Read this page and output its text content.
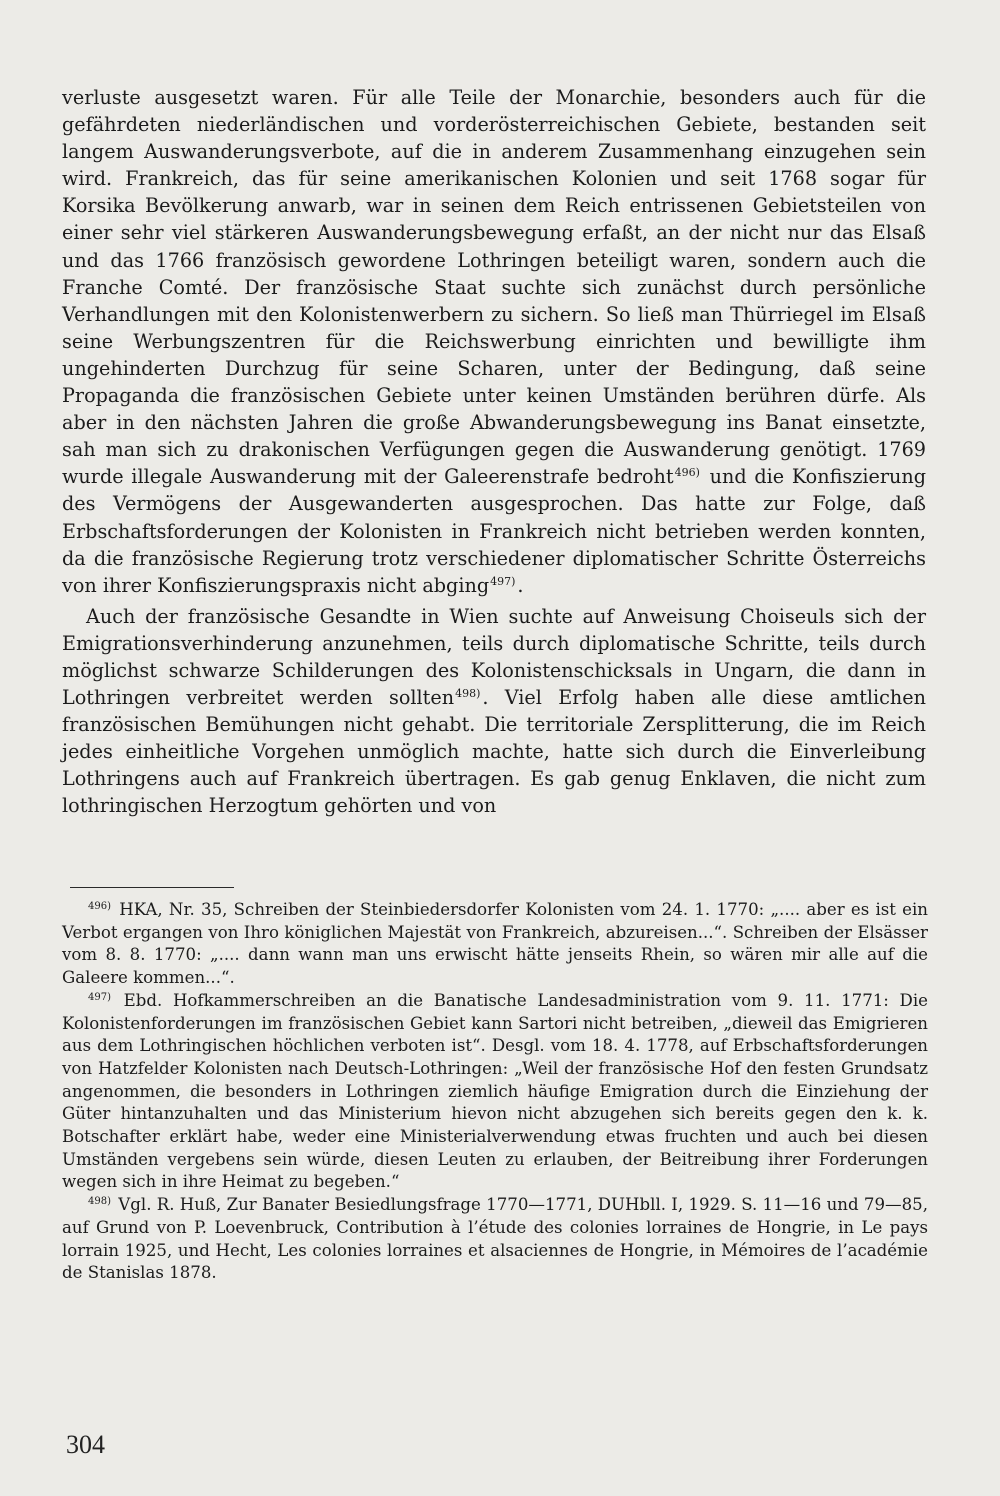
verluste ausgesetzt waren. Für alle Teile der Monarchie, besonders auch für die gefährdeten niederländischen und vorderösterreichischen Gebiete, bestanden seit langem Auswanderungsverbote, auf die in anderem Zusammenhang einzugehen sein wird. Frankreich, das für seine amerikanischen Kolonien und seit 1768 sogar für Korsika Bevölkerung anwarb, war in seinen dem Reich entrissenen Gebietsteilen von einer sehr viel stärkeren Auswanderungsbewegung erfaßt, an der nicht nur das Elsaß und das 1766 französisch gewordene Lothringen beteiligt waren, sondern auch die Franche Comté. Der französische Staat suchte sich zunächst durch persönliche Verhandlungen mit den Kolonistenwerbern zu sichern. So ließ man Thürriegel im Elsaß seine Werbungszentren für die Reichswerbung einrichten und bewilligte ihm ungehinderten Durchzug für seine Scharen, unter der Bedingung, daß seine Propaganda die französischen Gebiete unter keinen Umständen berühren dürfe. Als aber in den nächsten Jahren die große Abwanderungsbewegung ins Banat einsetzte, sah man sich zu drakonischen Verfügungen gegen die Auswanderung genötigt. 1769 wurde illegale Auswanderung mit der Galeerenstrafe bedroht$^{496)}$ und die Konfiszierung des Vermögens der Ausgewanderten ausgesprochen. Das hatte zur Folge, daß Erbschaftsforderungen der Kolonisten in Frankreich nicht betrieben werden konnten, da die französische Regierung trotz verschiedener diplomatischer Schritte Österreichs von ihrer Konfiszierungspraxis nicht abging$^{497)}$ .

Auch der französische Gesandte in Wien suchte auf Anweisung Choiseuls sich der Emigrationsverhinderung anzunehmen, teils durch diplomatische Schritte, teils durch möglichst schwarze Schilderungen des Kolonistenschicksals in Ungarn, die dann in Lothringen verbreitet werden sollten$^{498)}$ . Viel Erfolg haben alle diese amtlichen französischen Bemühungen nicht gehabt. Die territoriale Zersplitterung, die im Reich jedes einheitliche Vorgehen unmöglich machte, hatte sich durch die Einverleibung Lothringens auch auf Frankreich übertragen. Es gab genug Enklaven, die nicht zum lothringischen Herzogtum gehörten und von

$^{496)}$ HKA, Nr. 35, Schreiben der Steinbiedersdorfer Kolonisten vom 24. 1. 1770: „.... aber es ist ein Verbot ergangen von Ihro königlichen Majestät von Frankreich, abzureisen...“. Schreiben der Elsässer vom 8. 8. 1770: „.... dann wann man uns erwischt hätte jenseits Rhein, so wären mir alle auf die Galeere kommen...“.

$^{497)}$ Ebd. Hofkammerschreiben an die Banatische Landesadministration vom 9. 11. 1771: Die Kolonistenforderungen im französischen Gebiet kann Sartori nicht betreiben, „dieweil das Emigrieren aus dem Lothringischen höchlichen verboten ist“. Desgl. vom 18. 4. 1778, auf Erbschaftsforderungen von Hatzfelder Kolonisten nach Deutsch-Lothringen: „Weil der französische Hof den festen Grundsatz angenommen, die besonders in Lothringen ziemlich häufige Emigration durch die Einziehung der Güter hintanzuhalten und das Ministerium hievon nicht abzugehen sich bereits gegen den k. k. Botschafter erklärt habe, weder eine Ministerialverwendung etwas fruchten und auch bei diesen Umständen vergebens sein würde, diesen Leuten zu erlauben, der Beitreibung ihrer Forderungen wegen sich in ihre Heimat zu begeben.“

$^{498)}$ Vgl. R. Huß, Zur Banater Besiedlungsfrage 1770—1771, DUHbll. I, 1929. S. 11—16 und 79—85, auf Grund von P. Loevenbruck, Contribution à l’étude des colonies lorraines de Hongrie, in Le pays lorrain 1925, und Hecht, Les colonies lorraines et alsaciennes de Hongrie, in Mémoires de l’académie de Stanislas 1878.

304
